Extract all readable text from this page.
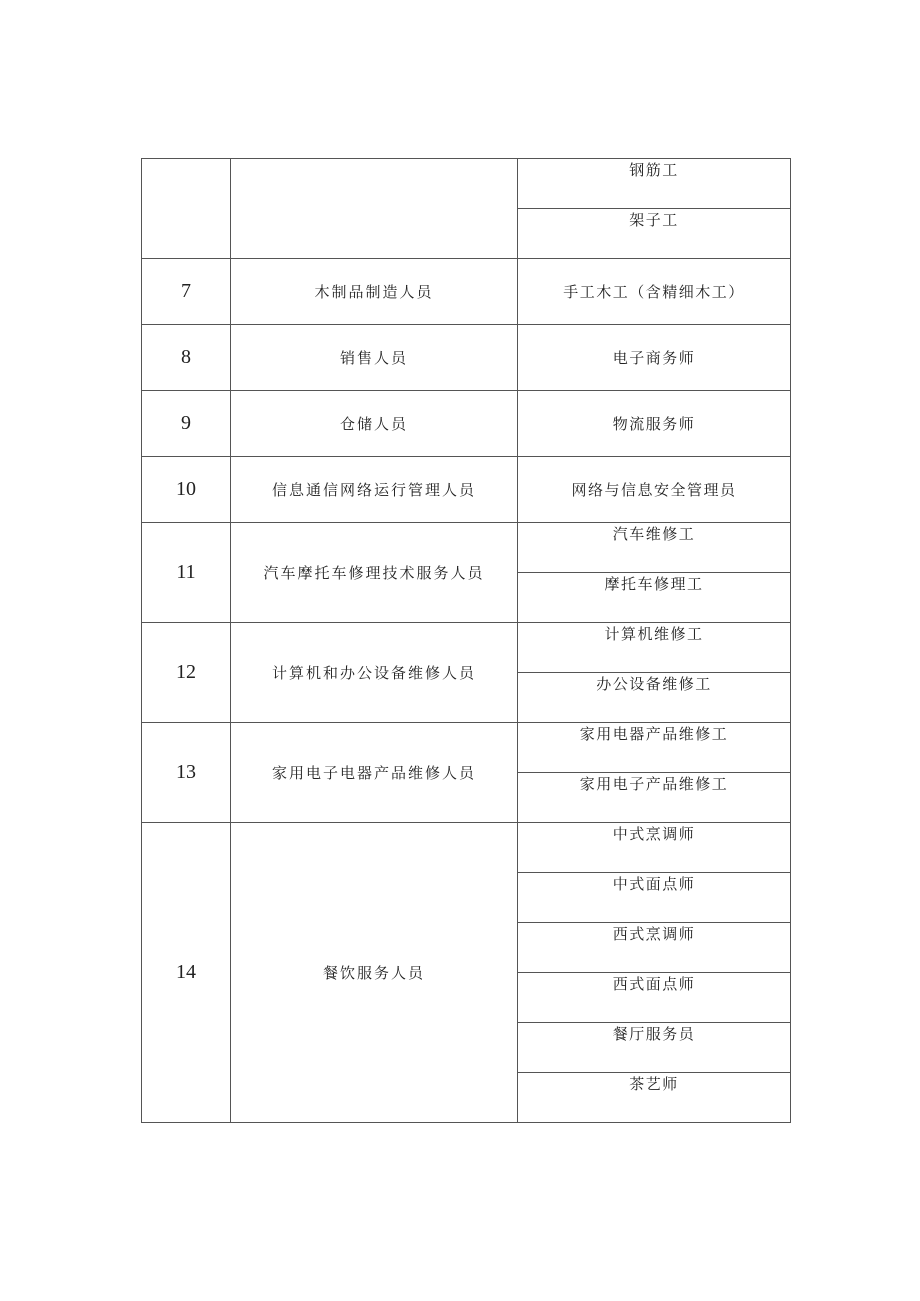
		钢筋工
		架子工
7	木制品制造人员	手工木工（含精细木工）
8	销售人员	电子商务师
9	仓储人员	物流服务师
10	信息通信网络运行管理人员	网络与信息安全管理员
11	汽车摩托车修理技术服务人员	汽车维修工
		摩托车修理工
12	计算机和办公设备维修人员	计算机维修工
		办公设备维修工
13	家用电子电器产品维修人员	家用电器产品维修工
		家用电子产品维修工
14	餐饮服务人员	中式烹调师
		中式面点师
		西式烹调师
		西式面点师
		餐厅服务员
		茶艺师
